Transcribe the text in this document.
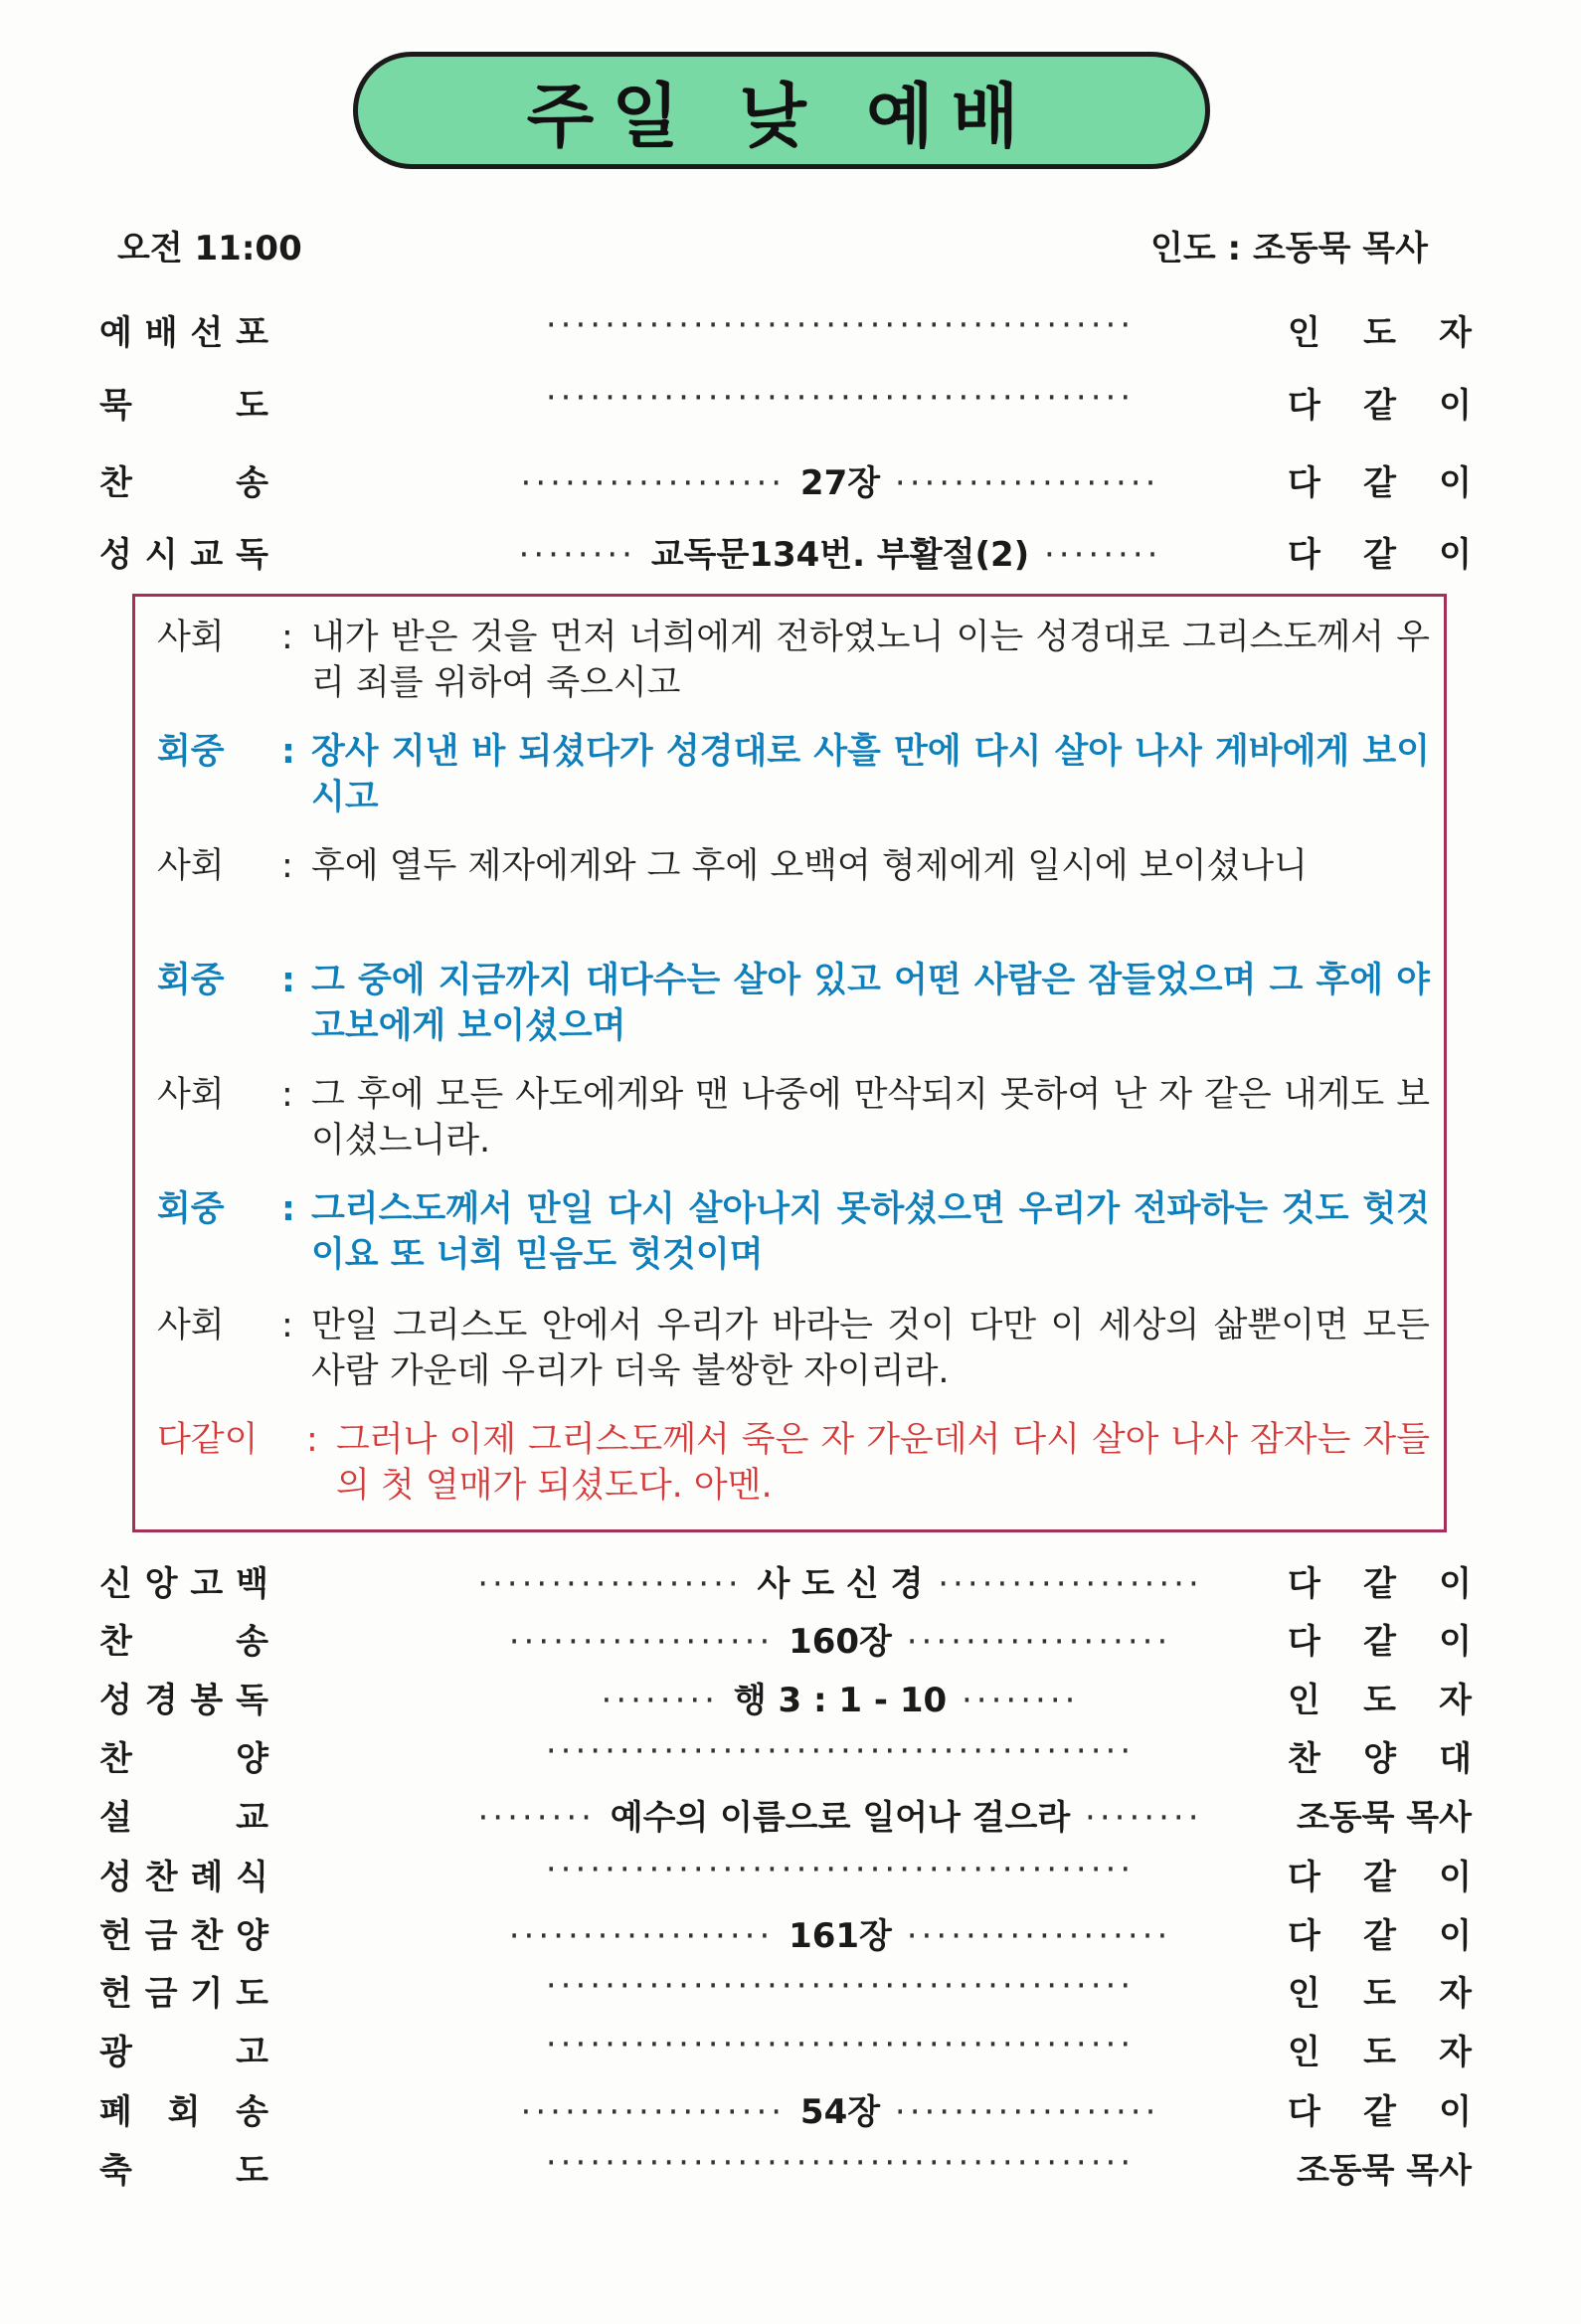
주일 낮 예배
오전 11:00	인도 : 조동묵 목사
예 배 선 포	········································	인 도 자
묵	도	········································	다 같 이
찬	송	·················· 27장 ··················	다 같 이
성 시 교 독	········ 교독문134번. 부활절(2) ········	다 같 이
사회	: 내가 받은 것을 먼저 너희에게 전하였노니 이는 성경대로 그리스도께서 우리 죄를 위하여 죽으시고
회중	: 장사 지낸 바 되셨다가 성경대로 사흘 만에 다시 살아 나사 게바에게 보이시고
사회	: 후에 열두 제자에게와 그 후에 오백여 형제에게 일시에 보이셨나니
회중	: 그 중에 지금까지 대다수는 살아 있고 어떤 사람은 잠들었으며 그 후에 야고보에게 보이셨으며
사회	: 그 후에 모든 사도에게와 맨 나중에 만삭되지 못하여 난 자 같은 내게도 보이셨느니라.
회중	: 그리스도께서 만일 다시 살아나지 못하셨으면 우리가 전파하는 것도 헛것이요 또 너희 믿음도 헛것이며
사회	: 만일 그리스도 안에서 우리가 바라는 것이 다만 이 세상의 삶뿐이면 모든 사람 가운데 우리가 더욱 불쌍한 자이리라.
다같이	: 그러나 이제 그리스도께서 죽은 자 가운데서 다시 살아 나사 잠자는 자들의 첫 열매가 되셨도다. 아멘.
신 앙 고 백	·················· 사 도 신 경 ··················	다 같 이
찬	송	·················· 160장 ··················	다 같 이
성 경 봉 독	········ 행 3 : 1 - 10 ········	인 도 자
찬	양	········································	찬 양 대
설	교	········ 예수의 이름으로 일어나 걸으라 ········	조동묵 목사
성 찬 례 식	········································	다 같 이
헌 금 찬 양	·················· 161장 ··················	다 같 이
헌 금 기 도	········································	인 도 자
광	고	········································	인 도 자
폐 회 송	·················· 54장 ··················	다 같 이
축	도	········································	조동묵 목사
